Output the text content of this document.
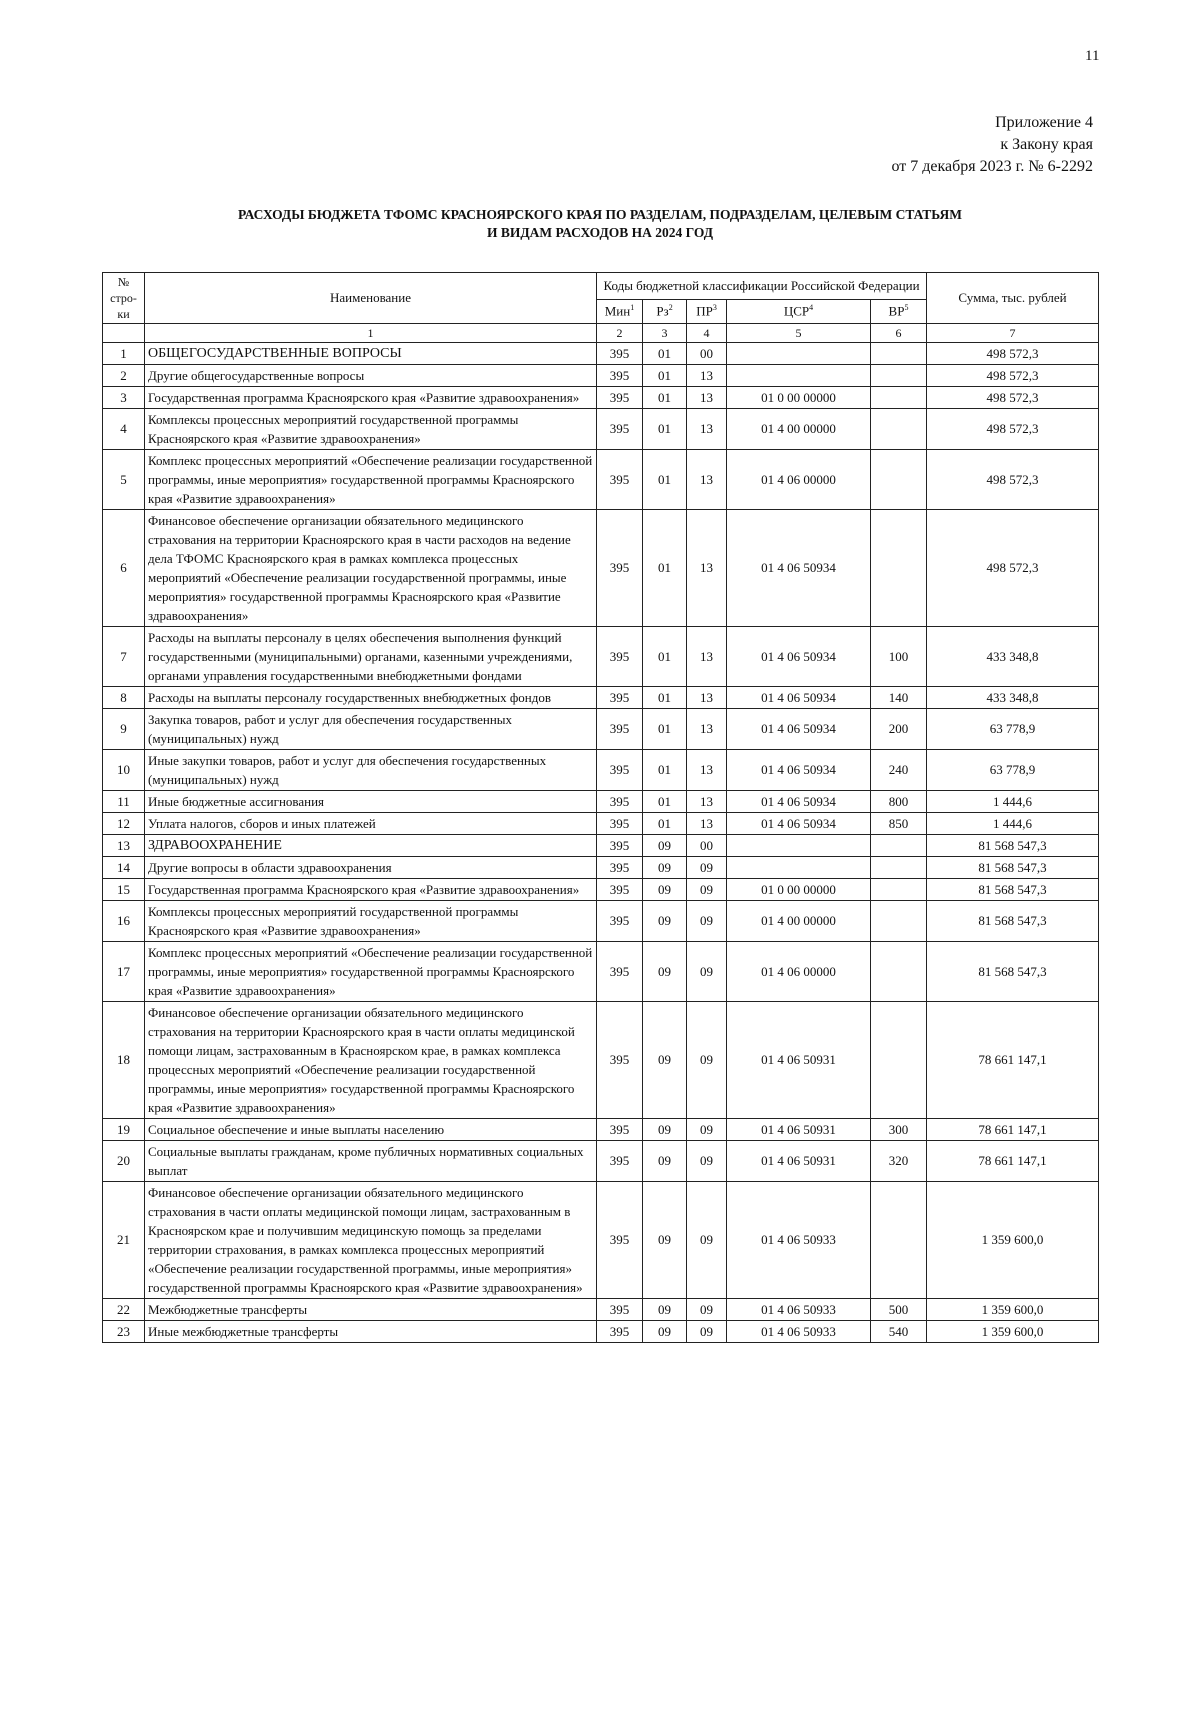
11
Приложение 4
к Закону края
от 7 декабря 2023 г. № 6-2292
РАСХОДЫ БЮДЖЕТА ТФОМС КРАСНОЯРСКОГО КРАЯ ПО РАЗДЕЛАМ, ПОДРАЗДЕЛАМ, ЦЕЛЕВЫМ СТАТЬЯМ
И ВИДАМ РАСХОДОВ НА 2024 ГОД
№ стро- ки	Наименование	Коды бюджетной классификации Российской Федерации					Сумма, тыс. рублей
		Мин$^1$	$Рз^2$	$ПР^3$	ЦСР$^4$	$ВР^5$
	1	2	3	4	5	6	7
1	ОБЩЕГОСУДАРСТВЕННЫЕ ВОПРОСЫ	395	01	00			498 572,3
2	Другие общегосударственные вопросы	395	01	13			498 572,3
3	Государственная программа Красноярского края «Развитие здравоохранения»	395	01	13	01 0 00 00000		498 572,3
4	Комплексы процессных мероприятий государственной программы Красноярского края «Развитие здравоохранения»	395	01	13	01 4 00 00000		498 572,3
5	Комплекс процессных мероприятий «Обеспечение реализации государственной программы, иные мероприятия» государственной программы Красноярского края «Развитие здравоохранения»	395	01	13	01 4 06 00000		498 572,3
6	Финансовое обеспечение организации обязательного медицинского страхования на территории Красноярского края в части расходов на ведение дела ТФОМС Красноярского края в рамках комплекса процессных мероприятий «Обеспечение реализации государственной программы, иные мероприятия» государственной программы Красноярского края «Развитие здравоохранения»	395	01	13	01 4 06 50934		498 572,3
7	Расходы на выплаты персоналу в целях обеспечения выполнения функций государственными (муниципальными) органами, казенными учреждениями, органами управления государственными внебюджетными фондами	395	01	13	01 4 06 50934	100	433 348,8
8	Расходы на выплаты персоналу государственных внебюджетных фондов	395	01	13	01 4 06 50934	140	433 348,8
9	Закупка товаров, работ и услуг для обеспечения государственных (муниципальных) нужд	395	01	13	01 4 06 50934	200	63 778,9
10	Иные закупки товаров, работ и услуг для обеспечения государственных (муниципальных) нужд	395	01	13	01 4 06 50934	240	63 778,9
11	Иные бюджетные ассигнования	395	01	13	01 4 06 50934	800	1 444,6
12	Уплата налогов, сборов и иных платежей	395	01	13	01 4 06 50934	850	1 444,6
13	ЗДРАВООХРАНЕНИЕ	395	09	00			81 568 547,3
14	Другие вопросы в области здравоохранения	395	09	09			81 568 547,3
15	Государственная программа Красноярского края «Развитие здравоохранения»	395	09	09	01 0 00 00000		81 568 547,3
16	Комплексы процессных мероприятий государственной программы Красноярского края «Развитие здравоохранения»	395	09	09	01 4 00 00000		81 568 547,3
17	Комплекс процессных мероприятий «Обеспечение реализации государственной программы, иные мероприятия» государственной программы Красноярского края «Развитие здравоохранения»	395	09	09	01 4 06 00000		81 568 547,3
18	Финансовое обеспечение организации обязательного медицинского страхования на территории Красноярского края в части оплаты медицинской помощи лицам, застрахованным в Красноярском крае, в рамках комплекса процессных мероприятий «Обеспечение реализации государственной программы, иные мероприятия» государственной программы Красноярского края «Развитие здравоохранения»	395	09	09	01 4 06 50931		78 661 147,1
19	Социальное обеспечение и иные выплаты населению	395	09	09	01 4 06 50931	300	78 661 147,1
20	Социальные выплаты гражданам, кроме публичных нормативных социальных выплат	395	09	09	01 4 06 50931	320	78 661 147,1
21	Финансовое обеспечение организации обязательного медицинского страхования в части оплаты медицинской помощи лицам, застрахованным в Красноярском крае и получившим медицинскую помощь за пределами территории страхования, в рамках комплекса процессных мероприятий «Обеспечение реализации государственной программы, иные мероприятия» государственной программы Красноярского края «Развитие здравоохранения»	395	09	09	01 4 06 50933		1 359 600,0
22	Межбюджетные трансферты	395	09	09	01 4 06 50933	500	1 359 600,0
23	Иные межбюджетные трансферты	395	09	09	01 4 06 50933	540	1 359 600,0
